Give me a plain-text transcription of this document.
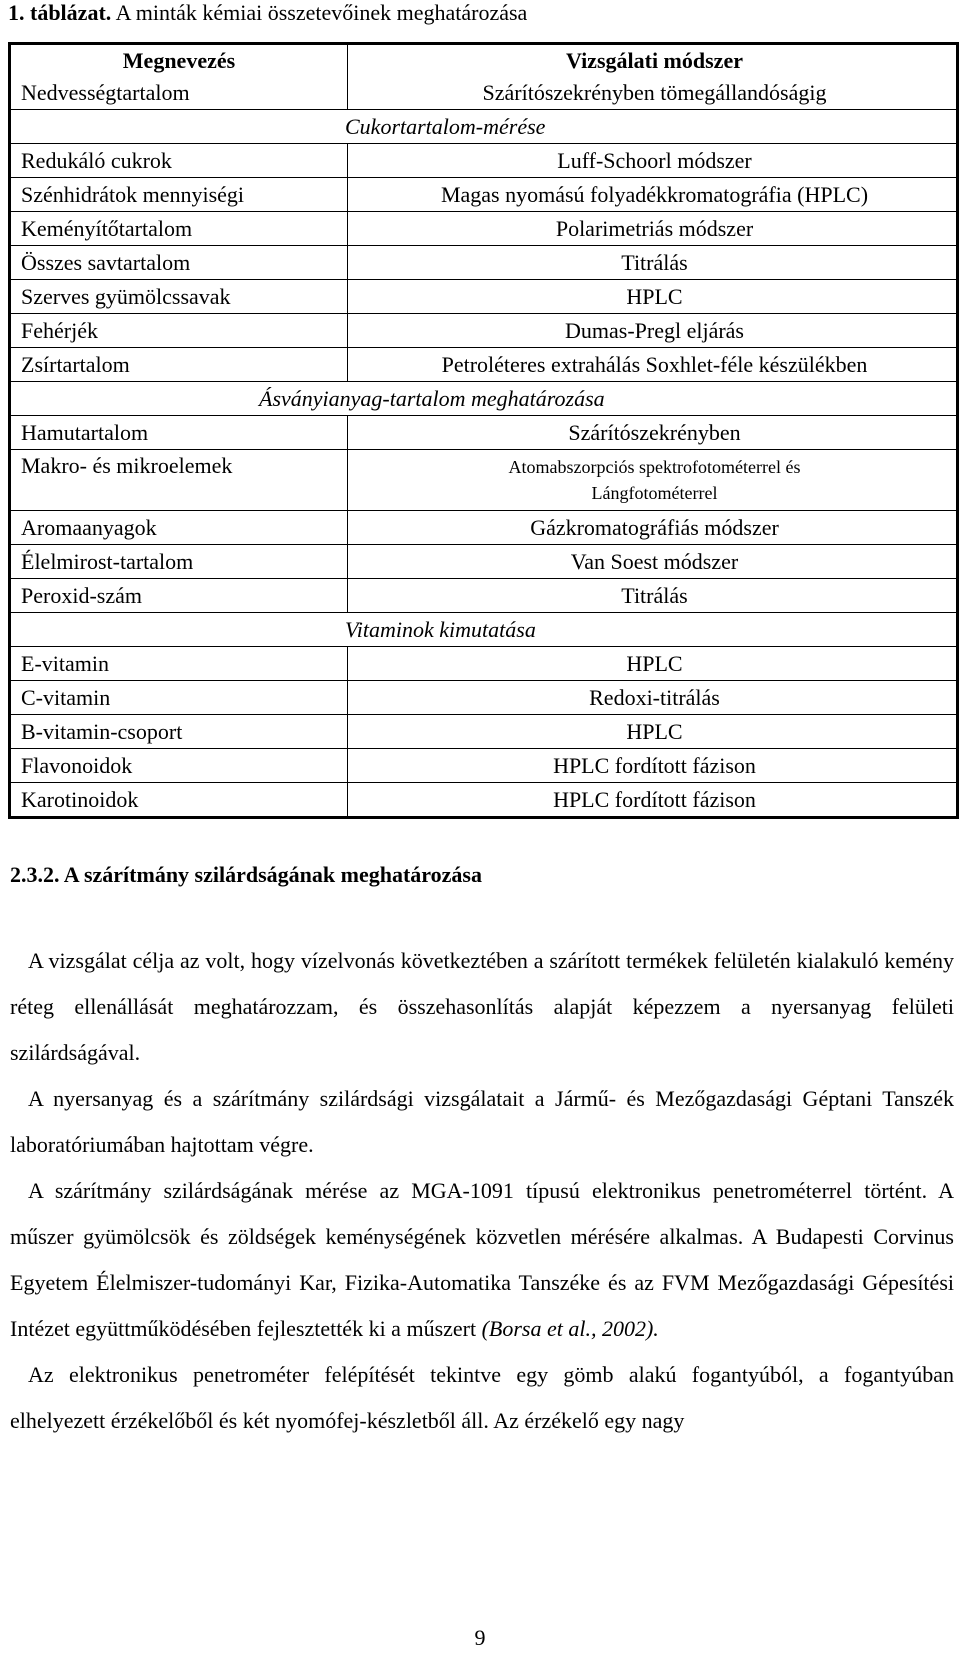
1. táblázat. A minták kémiai összetevőinek meghatározása
Megnevezés	Vizsgálati módszer
Nedvességtartalom	Szárítószekrényben tömegállandóságig
Cukortartalom-mérése	
Redukáló cukrok	Luff-Schoorl módszer
Szénhidrátok mennyiségi	Magas nyomású folyadékkromatográfia (HPLC)
Keményítőtartalom	Polarimetriás módszer
Összes savtartalom	Titrálás
Szerves gyümölcssavak	HPLC
Fehérjék	Dumas-Pregl eljárás
Zsírtartalom	Petroléteres extrahálás Soxhlet-féle készülékben
Ásványianyag-tartalom meghatározása	
Hamutartalom	Szárítószekrényben
Makro- és mikroelemek	Atomabszorpciós spektrofotométerrel és
Lángfotométerrel

Aromaanyagok	Gázkromatográfiás módszer
Élelmirost-tartalom	Van Soest módszer
Peroxid-szám	Titrálás
Vitaminok kimutatása	
E-vitamin	HPLC
C-vitamin	Redoxi-titrálás
B-vitamin-csoport	HPLC
Flavonoidok	HPLC fordított fázison
Karotinoidok	HPLC fordított fázison
2.3.2. A szárítmány szilárdságának meghatározása

A vizsgálat célja az volt, hogy vízelvonás következtében a szárított termékek felületén kialakuló kemény réteg ellenállását meghatározzam, és összehasonlítás alapját képezzem a nyersanyag felületi szilárdságával.

A nyersanyag és a szárítmány szilárdsági vizsgálatait a Jármű- és Mezőgazdasági Géptani Tanszék laboratóriumában hajtottam végre.

A szárítmány szilárdságának mérése az MGA-1091 típusú elektronikus penetrométerrel történt. A műszer gyümölcsök és zöldségek keménységének közvetlen mérésére alkalmas. A Budapesti Corvinus Egyetem Élelmiszer-tudományi Kar, Fizika-Automatika Tanszéke és az FVM Mezőgazdasági Gépesítési Intézet együttműködésében fejlesztették ki a műszert (Borsa et al., 2002).

Az elektronikus penetrométer felépítését tekintve egy gömb alakú fogantyúból, a fogantyúban elhelyezett érzékelőből és két nyomófej-készletből áll. Az érzékelő egy nagy

9
